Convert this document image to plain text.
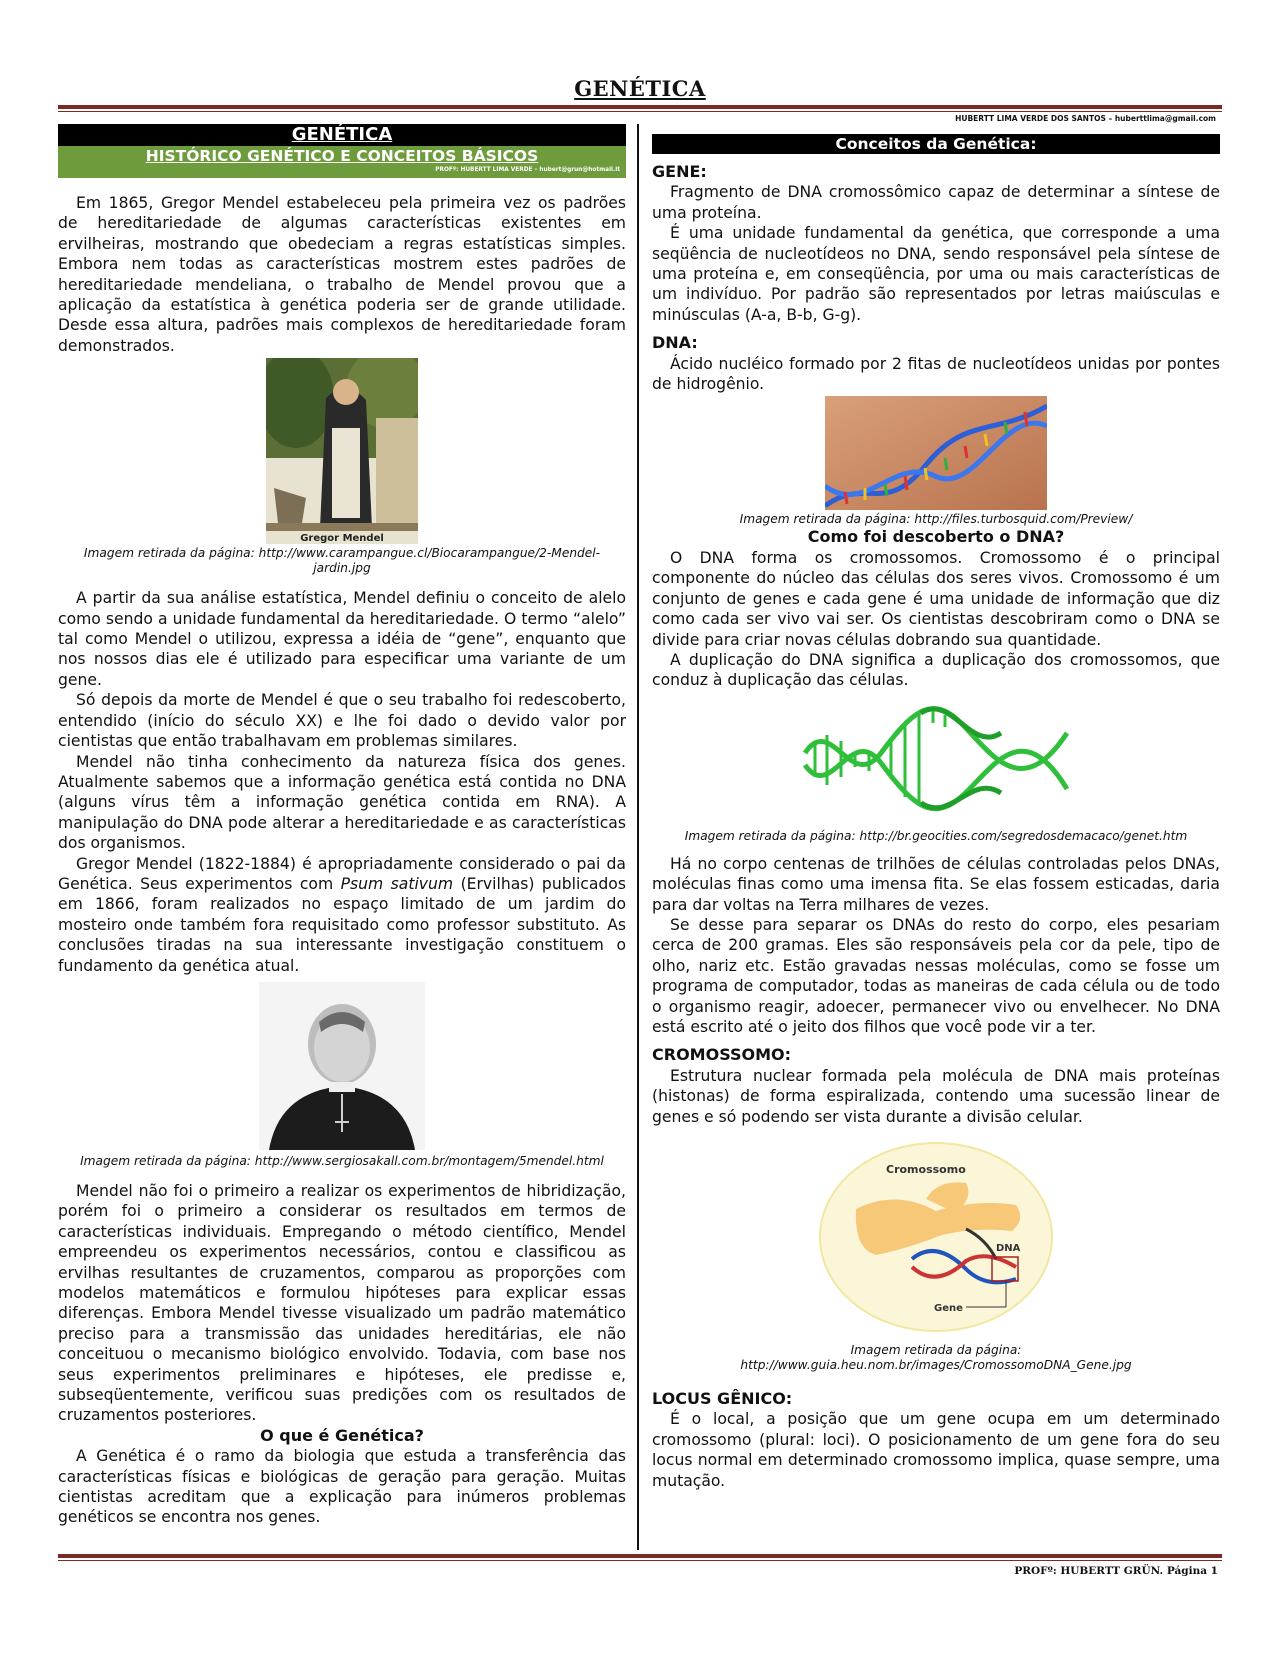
GENÉTICA
HUBERTT LIMA VERDE DOS SANTOS – huberttlima@gmail.com
GENÉTICA
HISTÓRICO GENÉTICO E CONCEITOS BÁSICOS
PROFº: HUBERTT LIMA VERDE – hubert@grun@hotmail.it

Em 1865, Gregor Mendel estabeleceu pela primeira vez os padrões de hereditariedade de algumas características existentes em ervilheiras, mostrando que obedeciam a regras estatísticas simples. Embora nem todas as características mostrem estes padrões de hereditariedade mendeliana, o trabalho de Mendel provou que a aplicação da estatística à genética poderia ser de grande utilidade. Desde essa altura, padrões mais complexos de hereditariedade foram demonstrados.

Gregor Mendel

Imagem retirada da página: http://www.carampangue.cl/Biocarampangue/2-Mendel-jardin.jpg

A partir da sua análise estatística, Mendel definiu o conceito de alelo como sendo a unidade fundamental da hereditariedade. O termo “alelo” tal como Mendel o utilizou, expressa a idéia de “gene”, enquanto que nos nossos dias ele é utilizado para especificar uma variante de um gene.

Só depois da morte de Mendel é que o seu trabalho foi redescoberto, entendido (início do século XX) e lhe foi dado o devido valor por cientistas que então trabalhavam em problemas similares.

Mendel não tinha conhecimento da natureza física dos genes. Atualmente sabemos que a informação genética está contida no DNA (alguns vírus têm a informação genética contida em RNA). A manipulação do DNA pode alterar a hereditariedade e as características dos organismos.

Gregor Mendel (1822-1884) é apropriadamente considerado o pai da Genética. Seus experimentos com Psum sativum (Ervilhas) publicados em 1866, foram realizados no espaço limitado de um jardim do mosteiro onde também fora requisitado como professor substituto. As conclusões tiradas na sua interessante investigação constituem o fundamento da genética atual.

Imagem retirada da página: http://www.sergiosakall.com.br/montagem/5mendel.html

Mendel não foi o primeiro a realizar os experimentos de hibridização, porém foi o primeiro a considerar os resultados em termos de características individuais. Empregando o método científico, Mendel empreendeu os experimentos necessários, contou e classificou as ervilhas resultantes de cruzamentos, comparou as proporções com modelos matemáticos e formulou hipóteses para explicar essas diferenças. Embora Mendel tivesse visualizado um padrão matemático preciso para a transmissão das unidades hereditárias, ele não conceituou o mecanismo biológico envolvido. Todavia, com base nos seus experimentos preliminares e hipóteses, ele predisse e, subseqüentemente, verificou suas predições com os resultados de cruzamentos posteriores.

O que é Genética?

A Genética é o ramo da biologia que estuda a transferência das características físicas e biológicas de geração para geração. Muitas cientistas acreditam que a explicação para inúmeros problemas genéticos se encontra nos genes.

Conceitos da Genética:

GENE:

Fragmento de DNA cromossômico capaz de determinar a síntese de uma proteína.

É uma unidade fundamental da genética, que corresponde a uma seqüência de nucleotídeos no DNA, sendo responsável pela síntese de uma proteína e, em conseqüência, por uma ou mais características de um indivíduo. Por padrão são representados por letras maiúsculas e minúsculas (A-a, B-b, G-g).

DNA:

Ácido nucléico formado por 2 fitas de nucleotídeos unidas por pontes de hidrogênio.

Imagem retirada da página: http://files.turbosquid.com/Preview/

Como foi descoberto o DNA?

O DNA forma os cromossomos. Cromossomo é o principal componente do núcleo das células dos seres vivos. Cromossomo é um conjunto de genes e cada gene é uma unidade de informação que diz como cada ser vivo vai ser. Os cientistas descobriram como o DNA se divide para criar novas células dobrando sua quantidade.

A duplicação do DNA significa a duplicação dos cromossomos, que conduz à duplicação das células.

Imagem retirada da página: http://br.geocities.com/segredosdemacaco/genet.htm

Há no corpo centenas de trilhões de células controladas pelos DNAs, moléculas finas como uma imensa fita. Se elas fossem esticadas, daria para dar voltas na Terra milhares de vezes.

Se desse para separar os DNAs do resto do corpo, eles pesariam cerca de 200 gramas. Eles são responsáveis pela cor da pele, tipo de olho, nariz etc. Estão gravadas nessas moléculas, como se fosse um programa de computador, todas as maneiras de cada célula ou de todo o organismo reagir, adoecer, permanecer vivo ou envelhecer. No DNA está escrito até o jeito dos filhos que você pode vir a ter.

CROMOSSOMO:

Estrutura nuclear formada pela molécula de DNA mais proteínas (histonas) de forma espiralizada, contendo uma sucessão linear de genes e só podendo ser vista durante a divisão celular.

Cromossomo
DNA
Gene

Imagem retirada da página:

http://www.guia.heu.nom.br/images/CromossomoDNA_Gene.jpg

LOCUS GÊNICO:

É o local, a posição que um gene ocupa em um determinado cromossomo (plural: loci). O posicionamento de um gene fora do seu locus normal em determinado cromossomo implica, quase sempre, uma mutação.

PROFº: HUBERTT GRÜN. Página 1
